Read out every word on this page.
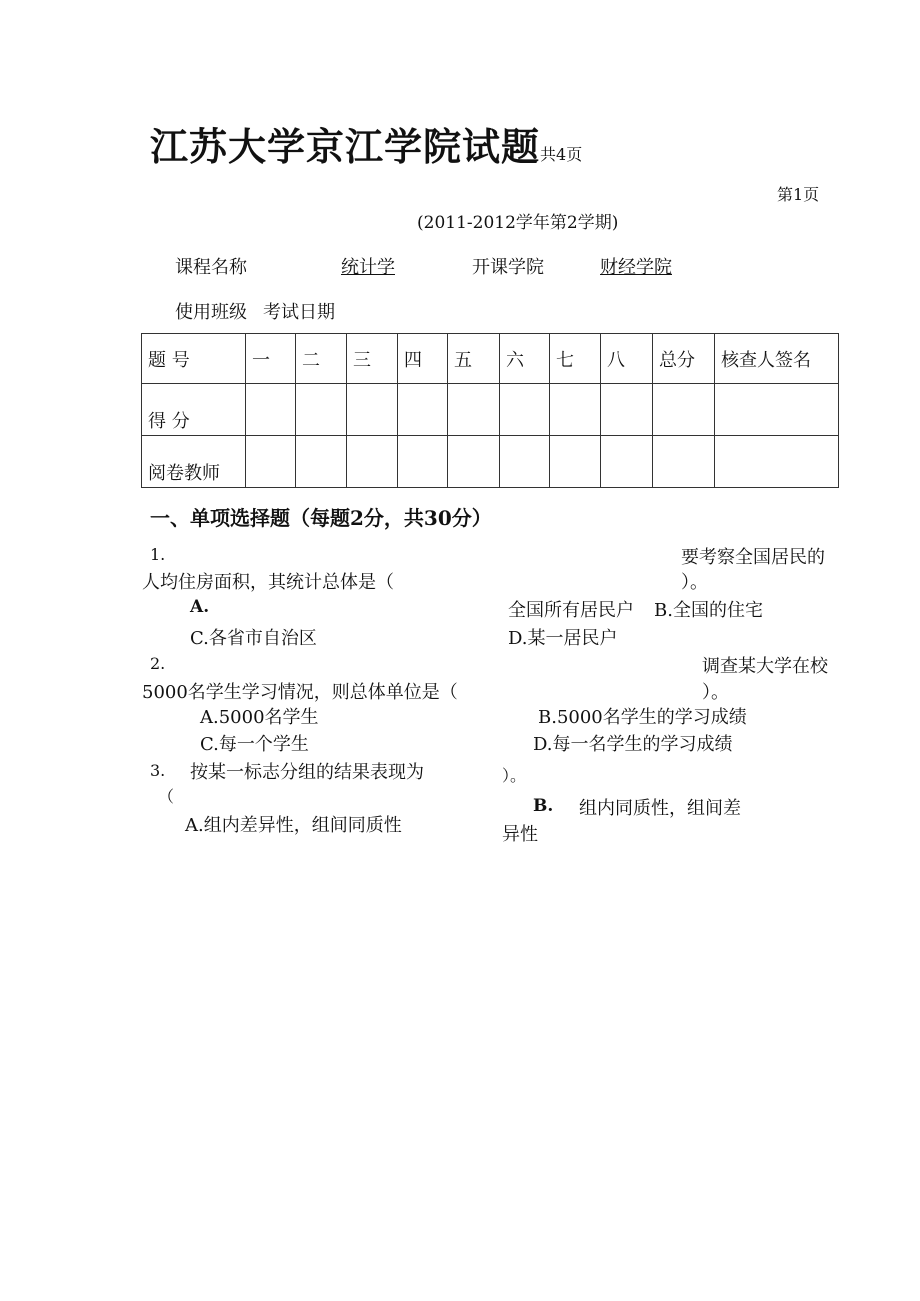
江苏大学京江学院试题共4页
第1页
(2011-2012学年第2学期)
课程名称	统计学	开课学院	财经学院
使用班级 考试日期
题 号	一	二	三	四	五	六	七	八	总分	核查人签名
得 分										
阅卷教师										
一、单项选择题（每题2分，共30分）
1.	要考察全国居民的
人均住房面积，其统计总体是（	）。
A.	全国所有居民户 B.全国的住宅
C.各省市自治区	D.某一居民户
2.	调查某大学在校
5000名学生学习情况，则总体单位是（	）。
A.5000名学生	B.5000名学生的学习成绩
C.每一个学生	D.每一名学生的学习成绩
3. 按某一标志分组的结果表现为
（
）。
A.组内差异性，组间同质性
B. 组内同质性，组间差
异性
